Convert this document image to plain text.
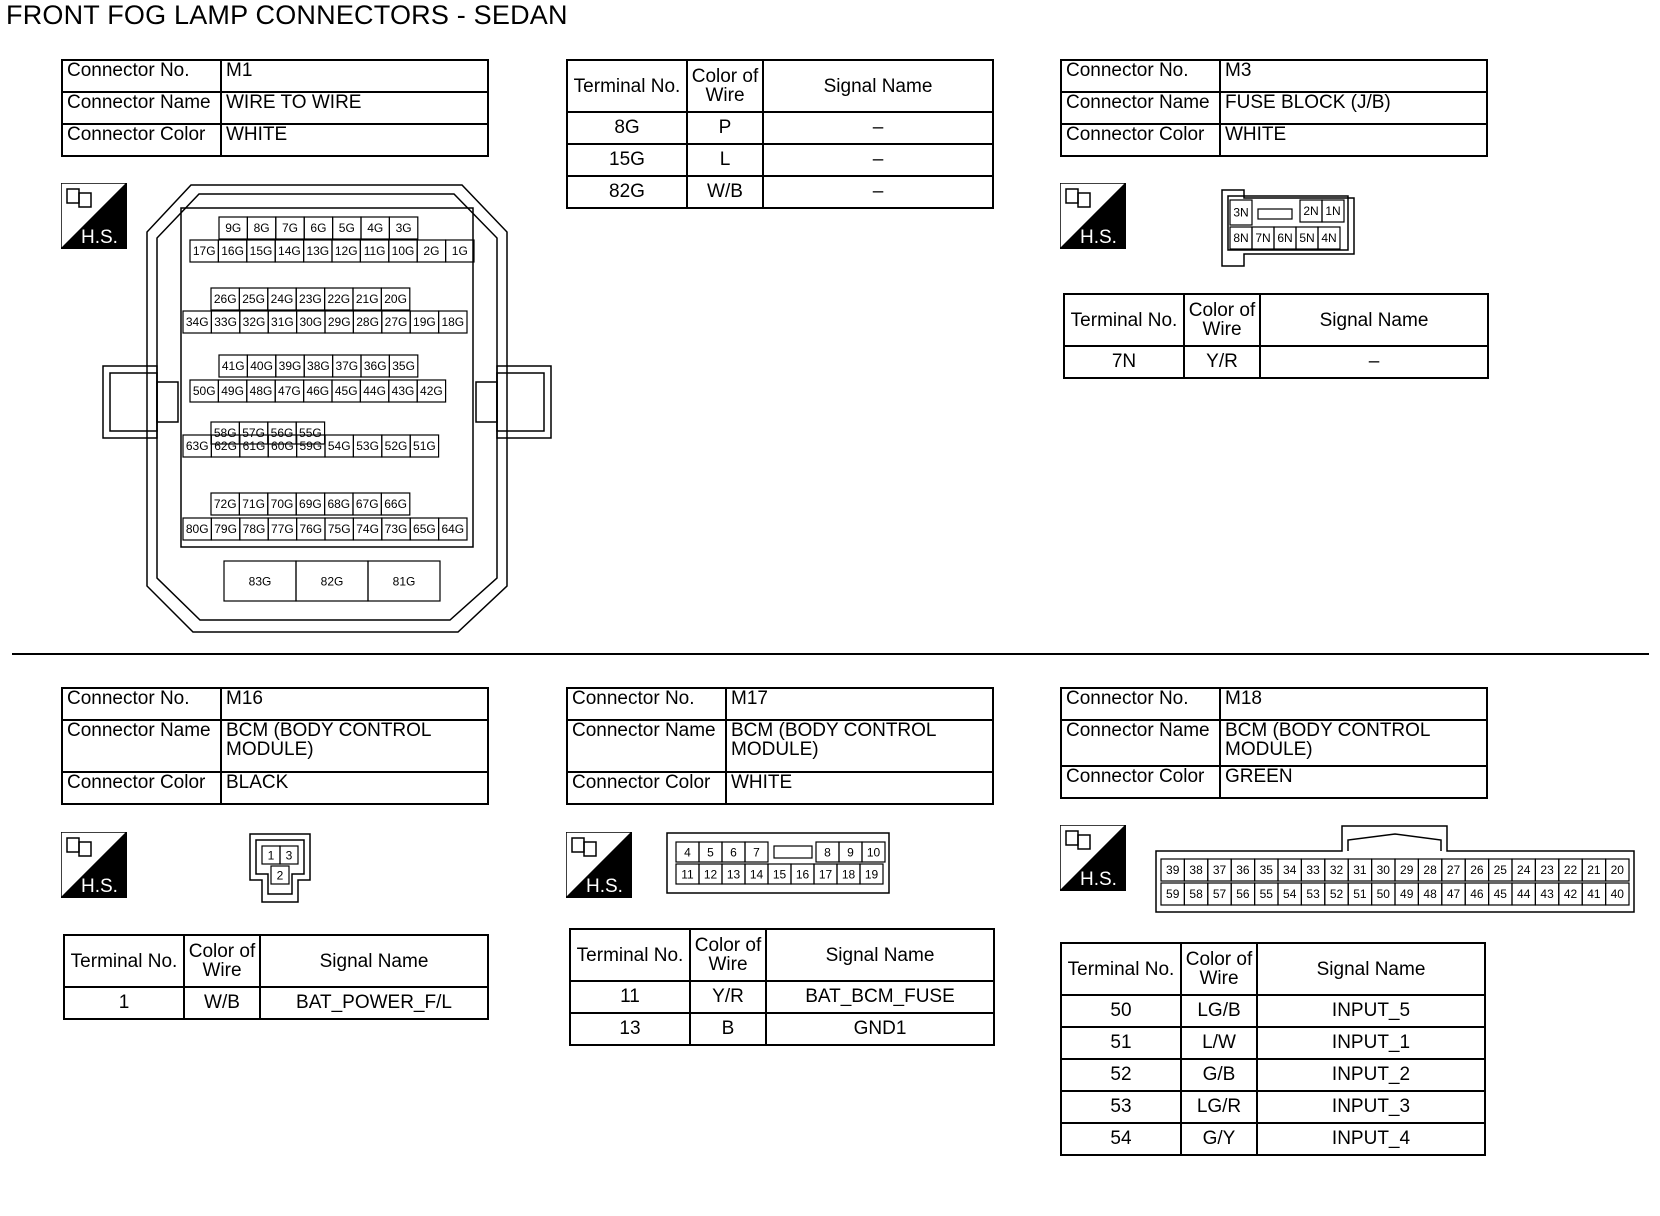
FRONT FOG LAMP CONNECTORS - SEDAN
Connector No.	M1
Connector Name	WIRE TO WIRE
Connector Color	WHITE
H.S.	9G 8G 7G 6G 5G 4G 3G
17G 16G 15G 14G 13G 12G 11G 10G 2G 1G
26G 25G 24G 23G 22G 21G 20G
34G 33G 32G 31G 30G 29G 28G 27G 19G 18G
41G 40G 39G 38G 37G 36G 35G
50G 49G 48G 47G 46G 45G 44G 43G 42G
58G 57G 56G 55G
63G 62G 61G 60G 59G 54G 53G 52G 51G
72G 71G 70G 69G 68G 67G 66G
80G 79G 78G 77G 76G 75G 74G 73G 65G 64G
83G	82G	81G
Terminal No.	Color of Wire	Signal Name
8G	P	–
15G	L	–
82G	W/B	–
Connector No.	M3
Connector Name	FUSE BLOCK (J/B)
Connector Color	WHITE
H.S.
3N	2N 1N
8N 7N 6N 5N 4N
Terminal No.	Color of Wire	Signal Name
7N	Y/R	–
Connector No.	M16
Connector Name	BCM (BODY CONTROL MODULE)
Connector Color	BLACK
H.S.
1 3
2
Terminal No.	Color of Wire	Signal Name
1	W/B	BAT_POWER_F/L
Connector No.	M17
Connector Name	BCM (BODY CONTROL MODULE)
Connector Color	WHITE
H.S.
4 5 6 7	8 9 10
11 12 13 14 15 16 17 18 19
Terminal No.	Color of Wire	Signal Name
11	Y/R	BAT_BCM_FUSE
13	B	GND1
Connector No.	M18
Connector Name	BCM (BODY CONTROL MODULE)
Connector Color	GREEN
H.S.	39 38 37 36 35 34 33 32 31 30 29 28 27 26 25 24 23 22 21 20
59 58 57 56 55 54 53 52 51 50 49 48 47 46 45 44 43 42 41 40
Terminal No.	Color of Wire	Signal Name
50	LG/B	INPUT_5
51	L/W	INPUT_1
52	G/B	INPUT_2
53	LG/R	INPUT_3
54	G/Y	INPUT_4
